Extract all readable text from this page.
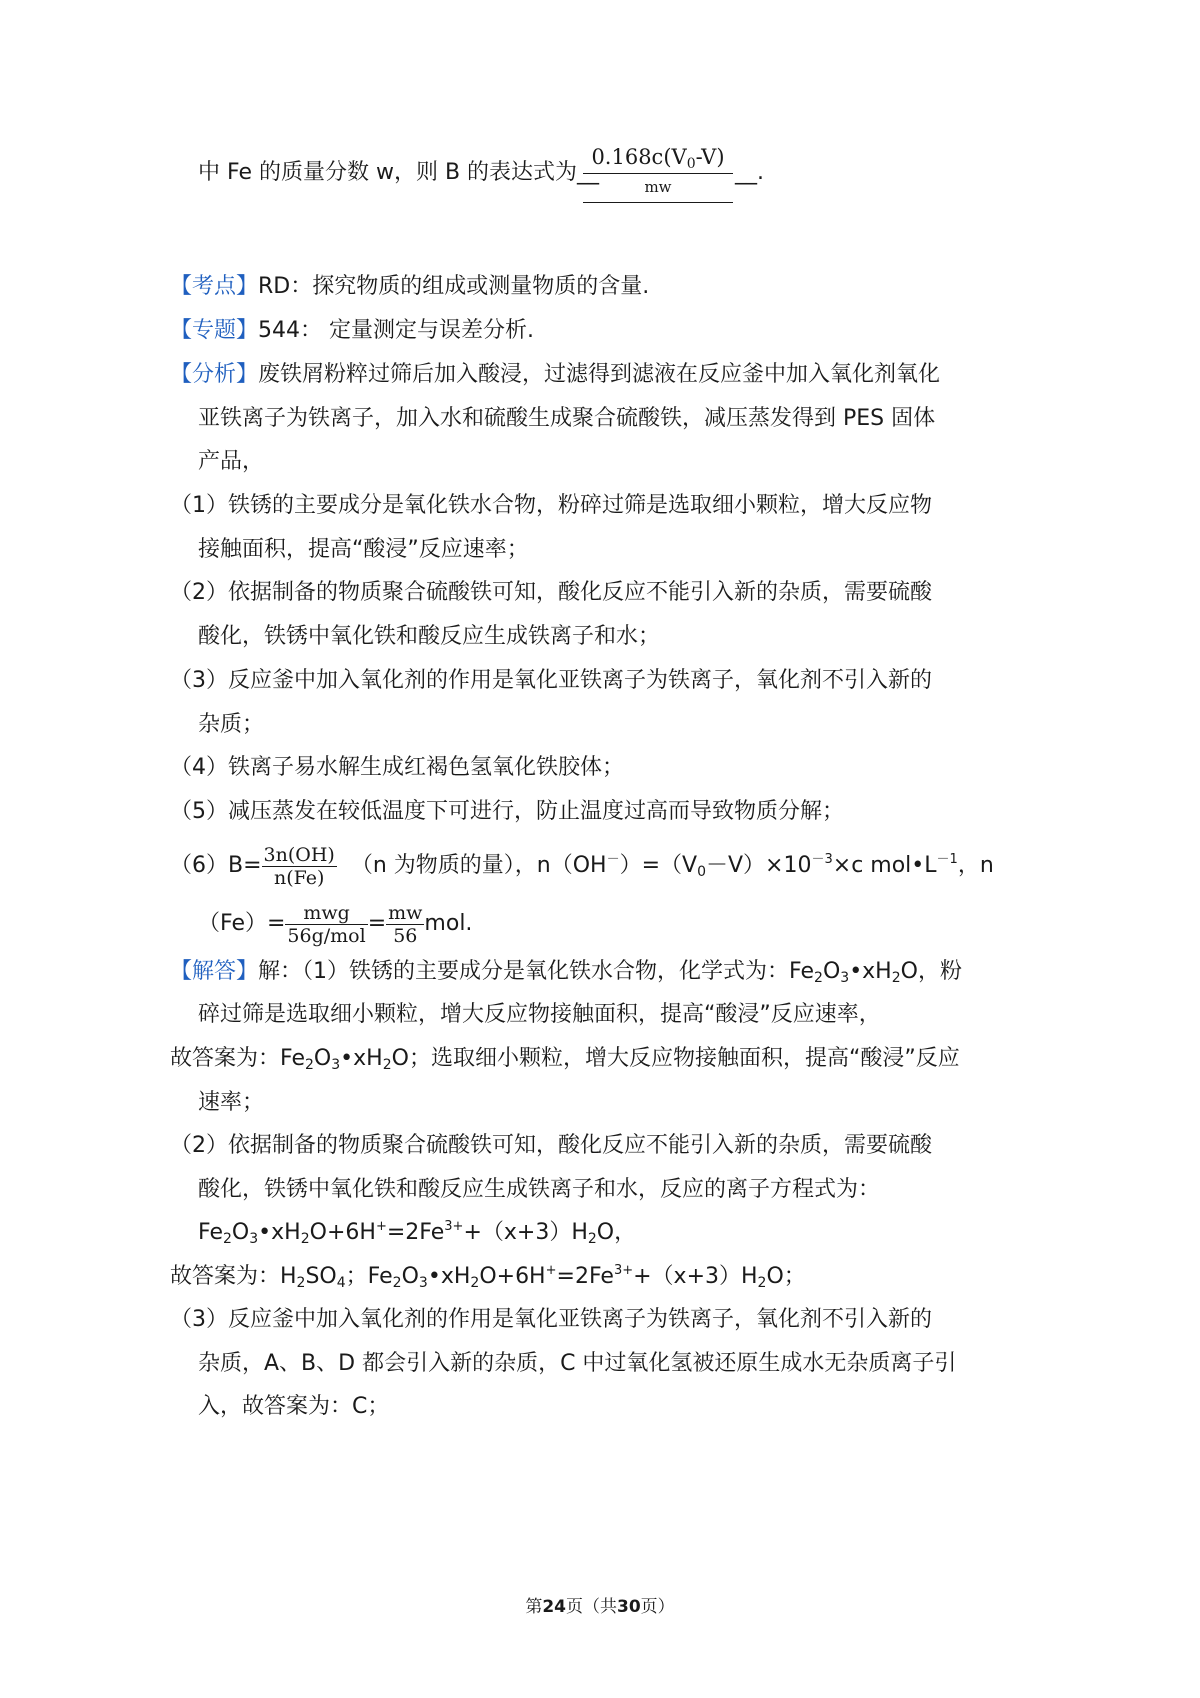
中 Fe 的质量分数 w，则 B 的表达式为__
$0.168c(V_0-V)$
mw
__.
【考点】RD：探究物质的组成或测量物质的含量.
【专题】544： 定量测定与误差分析.
【分析】废铁屑粉粹过筛后加入酸浸，过滤得到滤液在反应釜中加入氧化剂氧化
亚铁离子为铁离子，加入水和硫酸生成聚合硫酸铁，减压蒸发得到 PES 固体
产品，
（1）铁锈的主要成分是氧化铁水合物，粉碎过筛是选取细小颗粒，增大反应物
接触面积，提高“酸浸”反应速率；
（2）依据制备的物质聚合硫酸铁可知，酸化反应不能引入新的杂质，需要硫酸
酸化，铁锈中氧化铁和酸反应生成铁离子和水；
（3）反应釜中加入氧化剂的作用是氧化亚铁离子为铁离子，氧化剂不引入新的
杂质；
（4）铁离子易水解生成红褐色氢氧化铁胶体；
（5）减压蒸发在较低温度下可进行，防止温度过高而导致物质分解；
$(6)B= \frac{3n(OH)}{n(Fe)} (n$ 为物质的量），$n(OH^-)=(V_0-V)\times 10^{-3}\times c$ $mol•L^{-1}$，n
$(Fe)= \frac{\text{mwg}}{\text{56g/mol}} = \frac{mw}{56}$ mol.
【解答】解：（1）铁锈的主要成分是氧化铁水合物，化学式为：$Fe_2O_3•xH_2O$，粉
碎过筛是选取细小颗粒，增大反应物接触面积，提高“酸浸”反应速率，
故答案为：$Fe_2O_3•xH_2O$；选取细小颗粒，增大反应物接触面积，提高“酸浸”反应
速率；
（2）依据制备的物质聚合硫酸铁可知，酸化反应不能引入新的杂质，需要硫酸
酸化，铁锈中氧化铁和酸反应生成铁离子和水，反应的离子方程式为：
$Fe_2O_3•xH_2O+6H^+=2Fe^{3+}+(x+3)H_2O$，
故答案为：$H_2SO_4$；$Fe_2O_3•xH_2O+6H^+=2Fe^{3+}+(x+3)H_2O$；
（3）反应釜中加入氧化剂的作用是氧化亚铁离子为铁离子，氧化剂不引入新的
杂质，A、B、D 都会引入新的杂质，C 中过氧化氢被还原生成水无杂质离子引
入，故答案为：C；
第24页（共30页）
